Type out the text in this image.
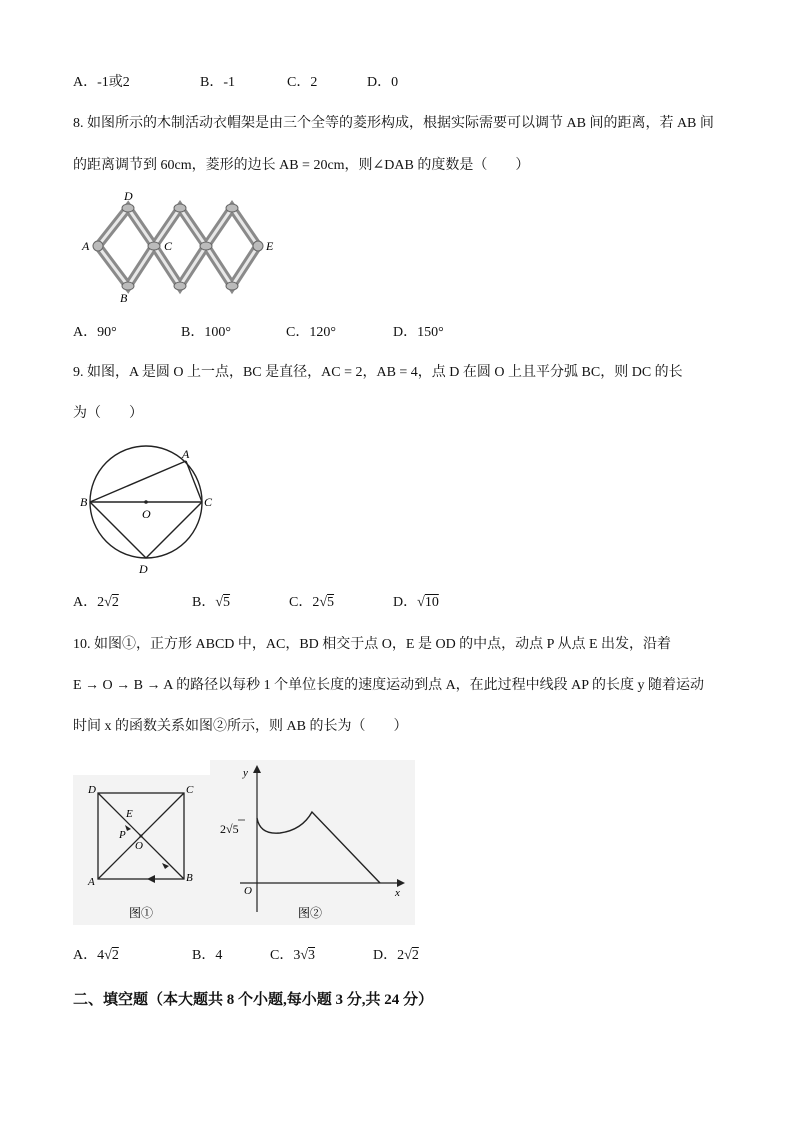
A．-1或2	B．-1	C．2	D．0
8. 如图所示的木制活动衣帽架是由三个全等的菱形构成，根据实际需要可以调节 AB 间的距离，若 AB 间
的距离调节到 60cm，菱形的边长 AB = 20cm，则∠DAB 的度数是（　　）
D
A	C	E
B
A．90°	B．100°	C．120°	D．150°
9. 如图，A 是圆 O 上一点，BC 是直径，AC = 2，AB = 4，点 D 在圆 O 上且平分弧 BC，则 DC 的长
为（　　）
A
B
O
C
D
A．2√2	B．√5	C．2√5	D．√10
10. 如图①，正方形 ABCD 中，AC，BD 相交于点 O，E 是 OD 的中点，动点 P 从点 E 出发，沿着
E → O → B → A 的路径以每秒 1 个单位长度的速度运动到点 A，在此过程中线段 AP 的长度 y 随着运动
时间 x 的函数关系如图②所示，则 AB 的长为（　　）
D	C
E
P
O
A	B
图①
y
x
O
2√5
图②
A．4√2	B．4	C．3√3	D．2√2
二、填空题（本大题共 8 个小题,每小题 3 分,共 24 分）
